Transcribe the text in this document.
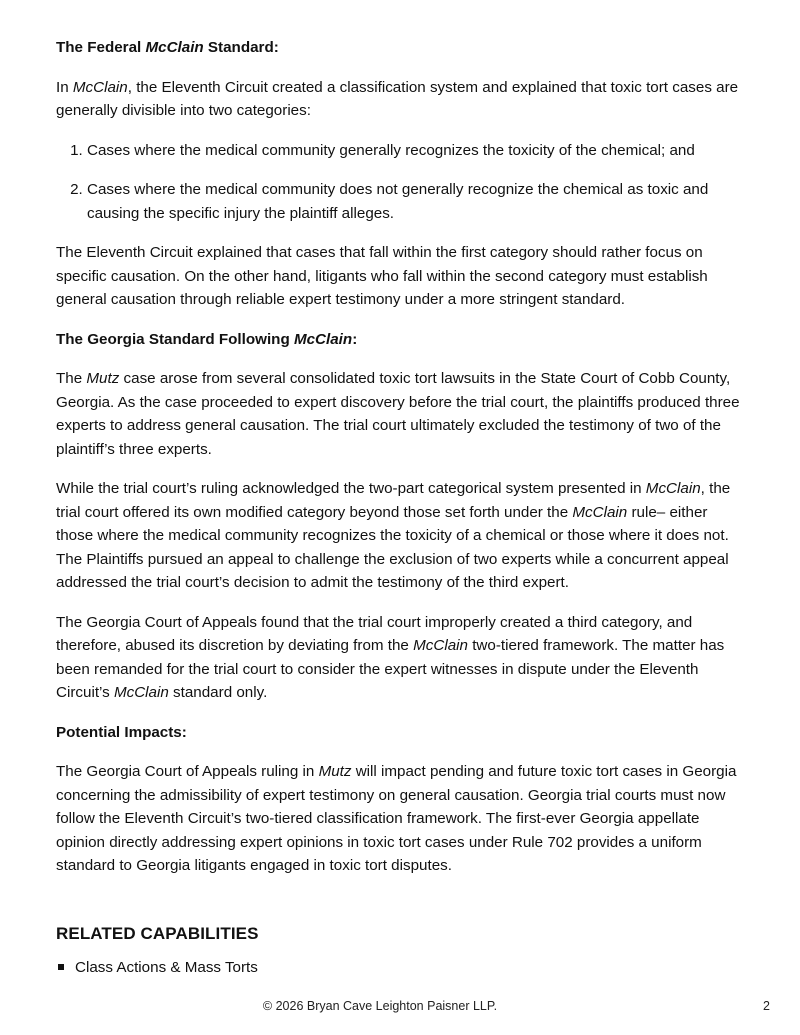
The Federal McClain Standard:

In McClain, the Eleventh Circuit created a classification system and explained that toxic tort cases are generally divisible into two categories:

1. Cases where the medical community generally recognizes the toxicity of the chemical; and
2. Cases where the medical community does not generally recognize the chemical as toxic and causing the specific injury the plaintiff alleges.

The Eleventh Circuit explained that cases that fall within the first category should rather focus on specific causation. On the other hand, litigants who fall within the second category must establish general causation through reliable expert testimony under a more stringent standard.

The Georgia Standard Following McClain:

The Mutz case arose from several consolidated toxic tort lawsuits in the State Court of Cobb County, Georgia. As the case proceeded to expert discovery before the trial court, the plaintiffs produced three experts to address general causation. The trial court ultimately excluded the testimony of two of the plaintiff’s three experts.

While the trial court’s ruling acknowledged the two-part categorical system presented in McClain, the trial court offered its own modified category beyond those set forth under the McClain rule– either those where the medical community recognizes the toxicity of a chemical or those where it does not. The Plaintiffs pursued an appeal to challenge the exclusion of two experts while a concurrent appeal addressed the trial court’s decision to admit the testimony of the third expert.

The Georgia Court of Appeals found that the trial court improperly created a third category, and therefore, abused its discretion by deviating from the McClain two-tiered framework. The matter has been remanded for the trial court to consider the expert witnesses in dispute under the Eleventh Circuit’s McClain standard only.

Potential Impacts:

The Georgia Court of Appeals ruling in Mutz will impact pending and future toxic tort cases in Georgia concerning the admissibility of expert testimony on general causation. Georgia trial courts must now follow the Eleventh Circuit’s two-tiered classification framework. The first-ever Georgia appellate opinion directly addressing expert opinions in toxic tort cases under Rule 702 provides a uniform standard to Georgia litigants engaged in toxic tort disputes.

RELATED CAPABILITIES
Class Actions & Mass Torts
© 2026 Bryan Cave Leighton Paisner LLP.	2
